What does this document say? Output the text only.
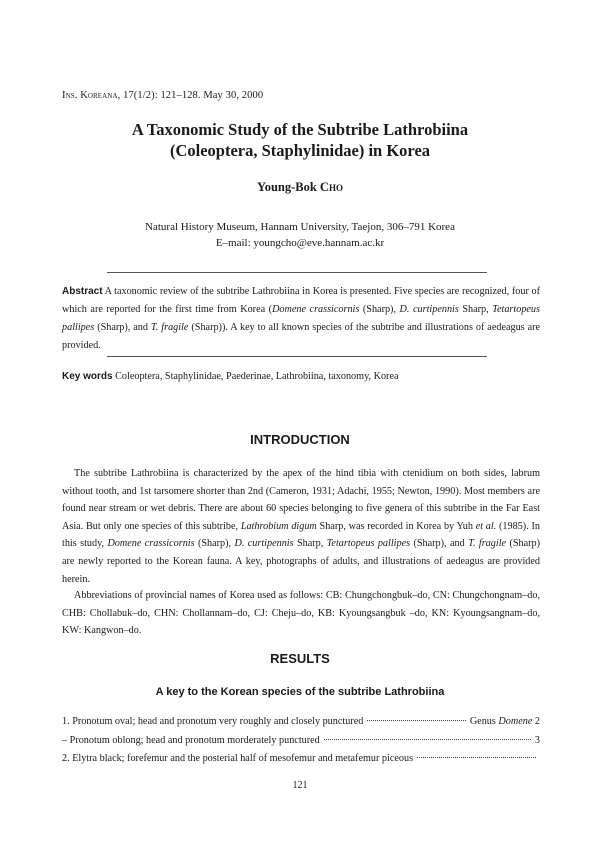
Ins. Koreana, 17(1/2): 121–128. May 30, 2000
A Taxonomic Study of the Subtribe Lathrobiina
(Coleoptera, Staphylinidae) in Korea
Young-Bok Cho
Natural History Museum, Hannam University, Taejon, 306–791 Korea
E–mail: youngcho@eve.hannam.ac.kr
Abstract A taxonomic review of the subtribe Lathrobiina in Korea is presented. Five species are recognized, four of which are reported for the first time from Korea (Domene crassicornis (Sharp), D. curtipennis Sharp, Tetartopeus pallipes (Sharp), and T. fragile (Sharp)). A key to all known species of the subtribe and illustrations of aedeagus are provided.
Key words Coleoptera, Staphylinidae, Paederinae, Lathrobiina, taxonomy, Korea
INTRODUCTION
The subtribe Lathrobiina is characterized by the apex of the hind tibia with ctenidium on both sides, labrum without tooth, and 1st tarsomere shorter than 2nd (Cameron, 1931; Adachi, 1955; Newton, 1990). Most members are found near stream or wet debris. There are about 60 species belonging to five genera of this subtribe in the Far East Asia. But only one species of this subtribe, Lathrobium digum Sharp, was recorded in Korea by Yuh et al. (1985). In this study, Domene crassicornis (Sharp), D. curtipennis Sharp, Tetartopeus pallipes (Sharp), and T. fragile (Sharp) are newly reported to the Korean fauna. A key, photographs of adults, and illustrations of aedeagus are provided herein.
Abbreviations of provincial names of Korea used as follows: CB: Chungchongbuk–do, CN: Chungchongnam–do, CHB: Chollabuk–do, CHN: Chollannam–do, CJ: Cheju–do, KB: Kyoungsangbuk –do, KN: Kyoungsangnam–do, KW: Kangwon–do.
RESULTS
A key to the Korean species of the subtribe Lathrobiina
1. Pronotum oval; head and pronotum very roughly and closely punctured	Genus Domene 2
– Pronotum oblong; head and pronotum morderately punctured	3
2. Elytra black; forefemur and the posterial half of mesofemur and metafemur piceous
121
